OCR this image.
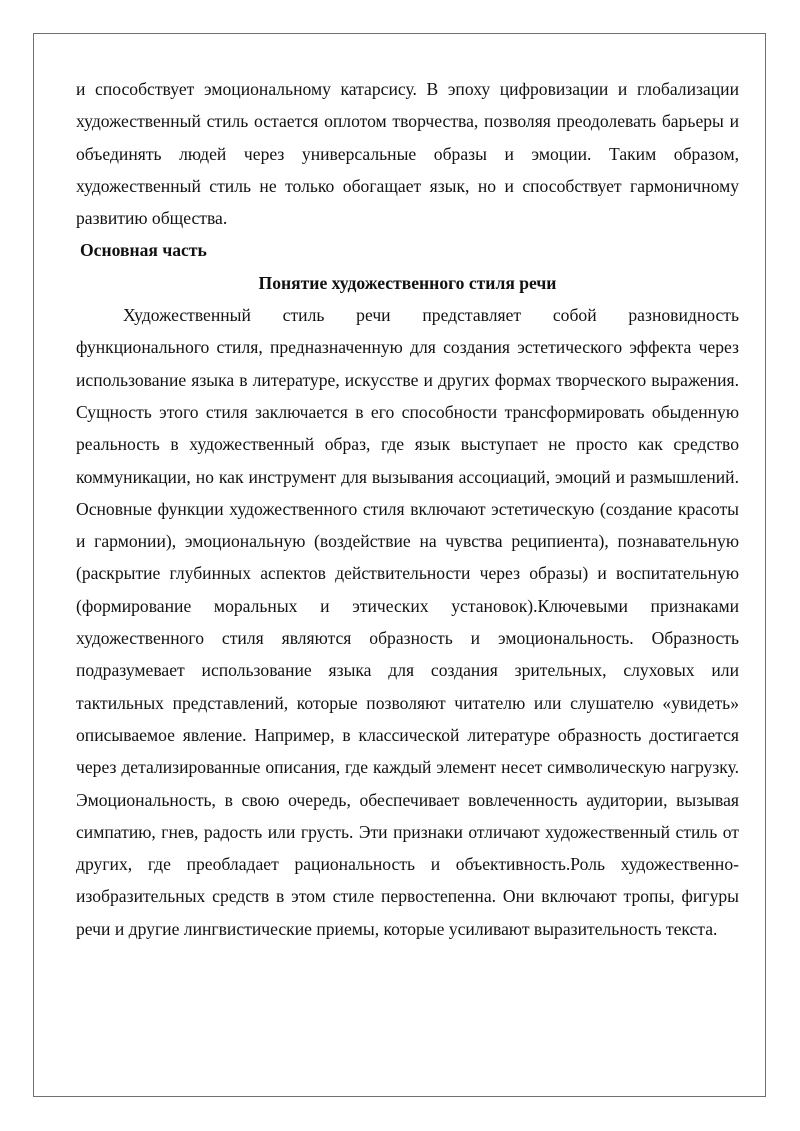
и способствует эмоциональному катарсису. В эпоху цифровизации и глобализации художественный стиль остается оплотом творчества, позволяя преодолевать барьеры и объединять людей через универсальные образы и эмоции. Таким образом, художественный стиль не только обогащает язык, но и способствует гармоничному развитию общества.

Основная часть

Понятие художественного стиля речи

Художественный стиль речи представляет собой разновидность функционального стиля, предназначенную для создания эстетического эффекта через использование языка в литературе, искусстве и других формах творческого выражения. Сущность этого стиля заключается в его способности трансформировать обыденную реальность в художественный образ, где язык выступает не просто как средство коммуникации, но как инструмент для вызывания ассоциаций, эмоций и размышлений. Основные функции художественного стиля включают эстетическую (создание красоты и гармонии), эмоциональную (воздействие на чувства реципиента), познавательную (раскрытие глубинных аспектов действительности через образы) и воспитательную (формирование моральных и этических установок).Ключевыми признаками художественного стиля являются образность и эмоциональность. Образность подразумевает использование языка для создания зрительных, слуховых или тактильных представлений, которые позволяют читателю или слушателю «увидеть» описываемое явление. Например, в классической литературе образность достигается через детализированные описания, где каждый элемент несет символическую нагрузку. Эмоциональность, в свою очередь, обеспечивает вовлеченность аудитории, вызывая симпатию, гнев, радость или грусть. Эти признаки отличают художественный стиль от других, где преобладает рациональность и объективность.Роль художественно-изобразительных средств в этом стиле первостепенна. Они включают тропы, фигуры речи и другие лингвистические приемы, которые усиливают выразительность текста.
